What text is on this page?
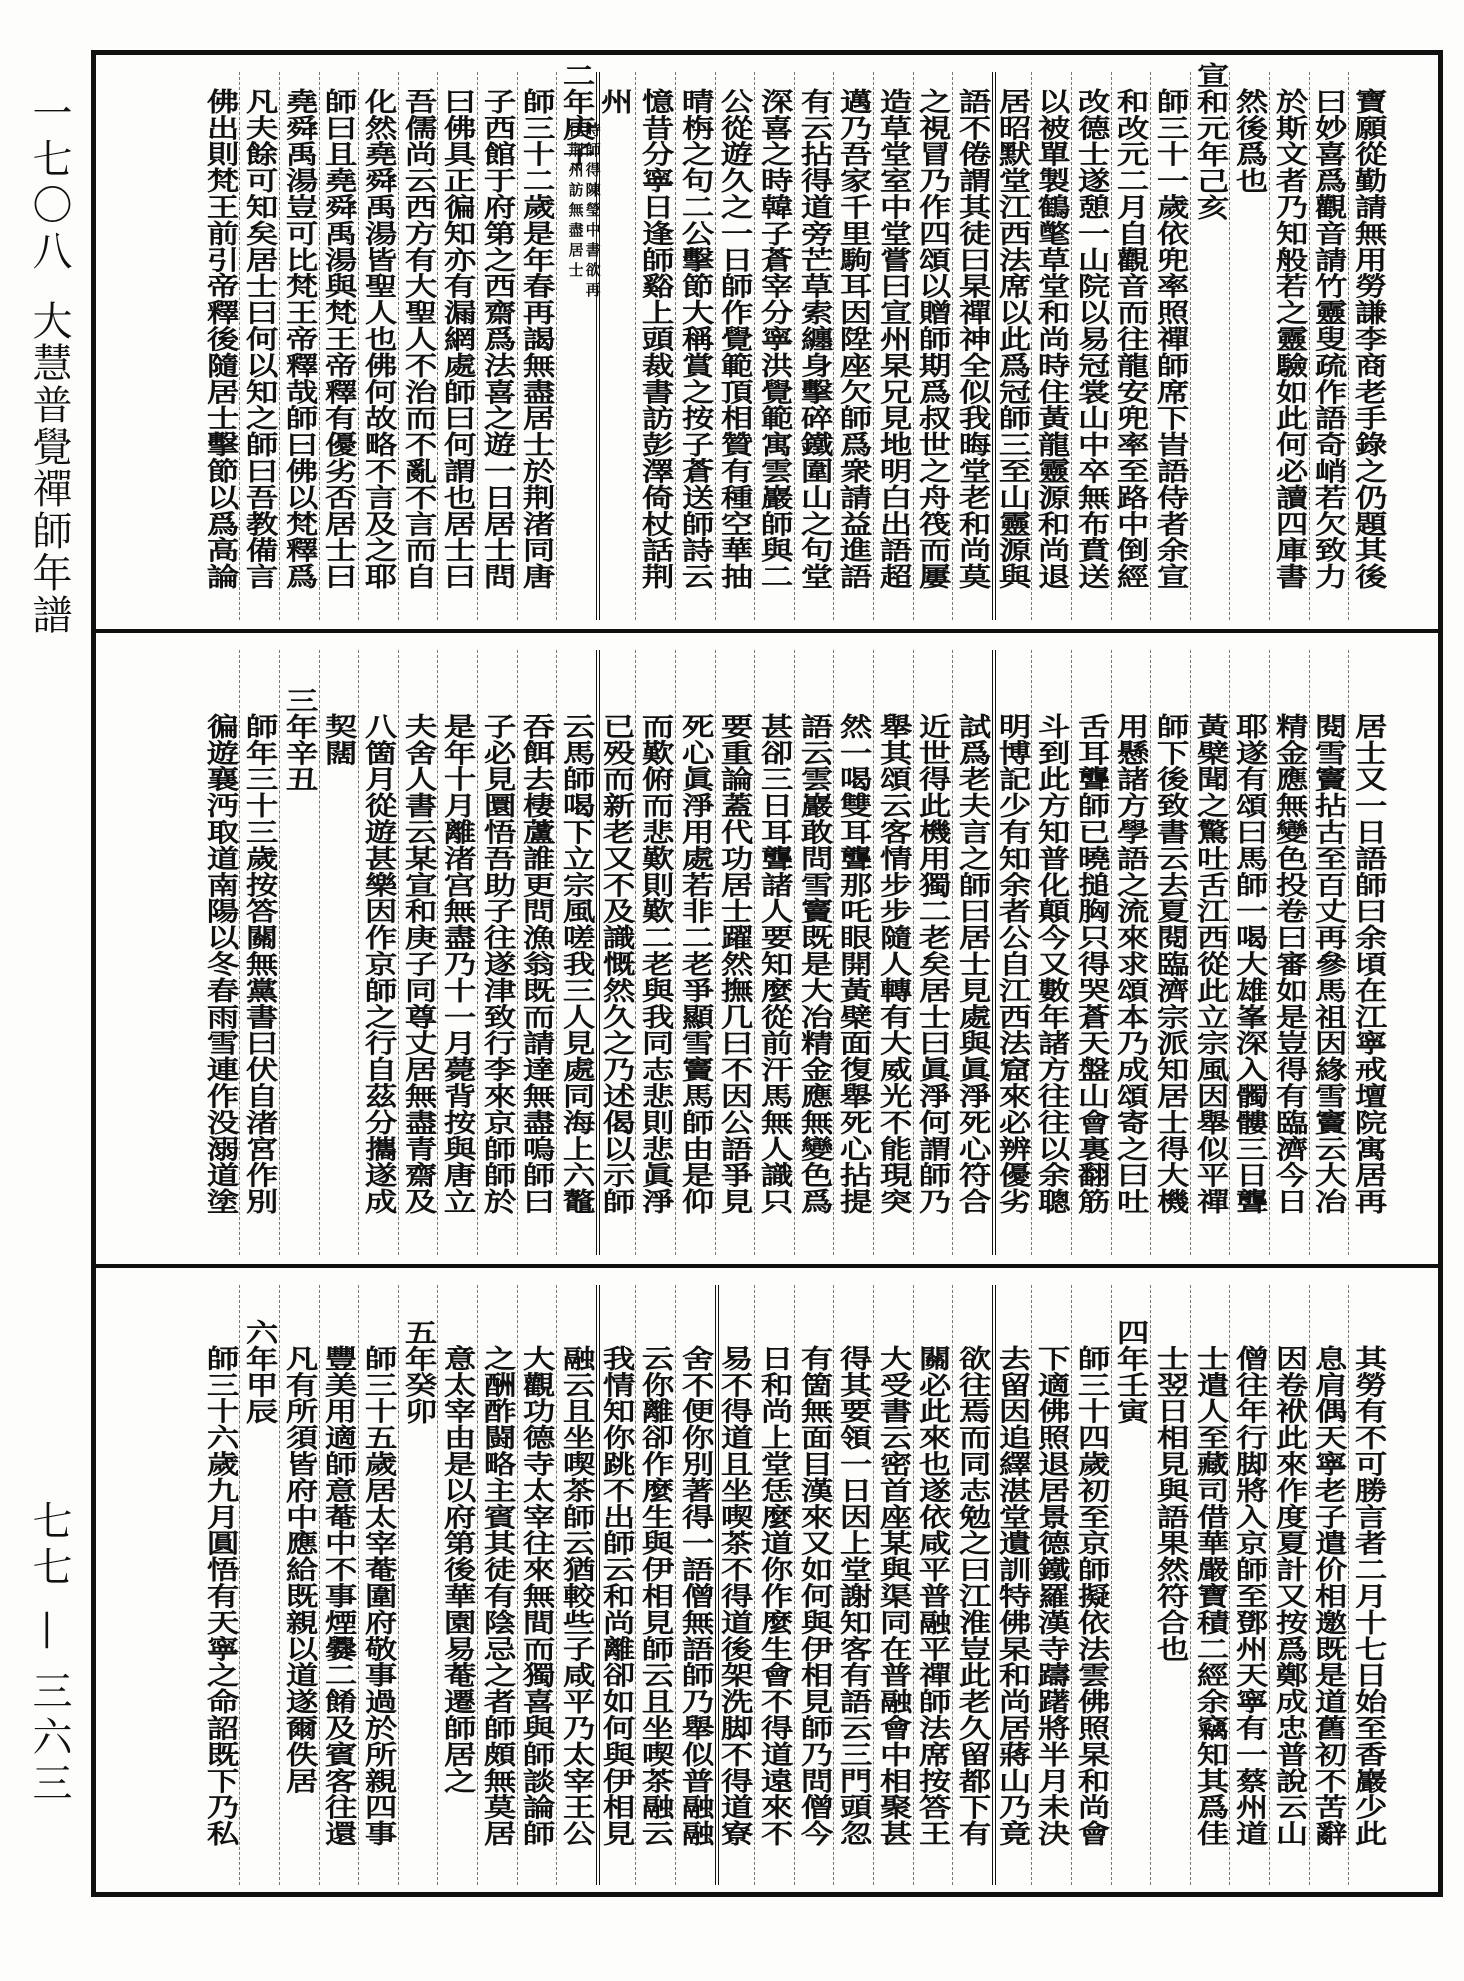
一七〇八
大慧普覺禪師年譜
七七
—
三六三
寶願從勤請無用勞謙李商老手錄之仍題其後
曰妙喜爲觀音請竹靈叟疏作語奇峭若欠致力
於斯文者乃知般若之靈驗如此何必讀四庫書
然後爲也
宣和元年己亥
師三十一歲依兜率照禪師席下旹語侍者余宣
和改元二月自觀音而往龍安兜率至路中倒經
改德士遂憩一山院以易冠裳山中卒無布賁送
以被單製鶴氅草堂和尚時住黃龍靈源和尚退
居昭默堂江西法席以此爲冠師三至山靈源與
語不倦謂其徒曰杲禪神全似我晦堂老和尚莫
之視冒乃作四頌以贈師期爲叔世之舟筏而屢
造草堂室中堂嘗曰宣州杲兄見地明白出語超
邁乃吾家千里駒耳因陞座欠師爲衆請益進語
有云拈得道旁芒草索纏身擊碎鐵圍山之句堂
深喜之時韓子蒼宰分寧洪覺範寓雲巖師與二
公從遊久之一日師作覺範頂相贊有種空華抽
晴栴之句二公擊節大稱賞之按子蒼送師詩云
憶昔分寧日逢師谿上頭裁書訪彭澤倚杖話荆
州
時師得陳瑩中書欲再
往荆州訪無盡居士
二年庚子
師三十二歲是年春再謁無盡居士於荆渚同唐
子西館于府第之西齋爲法喜之遊一日居士問
曰佛具正徧知亦有漏網處師曰何謂也居士曰
吾儒尚云西方有大聖人不治而不亂不言而自
化然堯舜禹湯皆聖人也佛何故略不言及之耶
師曰且堯舜禹湯與梵王帝釋有優劣否居士曰
堯舜禹湯豈可比梵王帝釋哉師曰佛以梵釋爲
凡夫餘可知矣居士曰何以知之師曰吾教備言
佛出則梵王前引帝釋後隨居士擊節以爲高論
居士又一日語師曰余頃在江寧戒壇院寓居再
閱雪竇拈古至百丈再參馬祖因緣雪竇云大冶
精金應無變色投卷曰審如是豈得有臨濟今日
耶遂有頌曰馬師一喝大雄峯深入髑髏三日聾
黃檗聞之驚吐舌江西從此立宗風因舉似平禪
師下後致書云去夏閱臨濟宗派知居士得大機
用懸諸方學語之流來求頌本乃成頌寄之曰吐
舌耳聾師已曉搥胸只得哭蒼天盤山會裏翻筋
斗到此方知普化顛今又數年諸方往往以余聰
明博記少有知余者公自江西法窟來必辨優劣
試爲老夫言之師曰居士見處與眞淨死心符合
近世得此機用獨二老矣居士曰眞淨何謂師乃
舉其頌云客情步步隨人轉有大威光不能現突
然一喝雙耳聾那吒眼開黃檗面復舉死心拈提
語云雲巖敢問雪竇既是大冶精金應無變色爲
甚卻三日耳聾諸人要知麼從前汗馬無人識只
要重論蓋代功居士躍然撫几曰不因公語爭見
死心眞淨用處若非二老爭顯雪竇馬師由是仰
而歎俯而悲歎則歎二老與我同志悲則悲眞淨
已殁而新老又不及識慨然久之乃述偈以示師
云馬師喝下立宗風嗟我三人見處同海上六鼇
吞餌去棲蘆誰更問漁翁既而請達無盡嗚師曰
子必見圜悟吾助子往遂津致行李來京師師於
是年十月離渚宫無盡乃十一月薨背按與唐立
夫舍人書云某宣和庚子同尊丈居無盡青齋及
八箇月從遊甚樂因作京師之行自茲分攜遂成
契闊
三年辛丑
師年三十三歲按答關無黨書曰伏自渚宮作別
徧遊襄沔取道南陽以冬春雨雪連作没溺道塗
其勞有不可勝言者二月十七日始至香巖少此
息肩偶天寧老子遣价相邀既是道舊初不苦辭
因卷袱此來作度夏計又按爲鄭成忠普說云山
僧往年行脚將入京師至鄧州天寧有一蔡州道
士遣人至藏司借華嚴寶積二經余竊知其爲佳
士翌日相見與語果然符合也
四年壬寅
師三十四歲初至京師擬依法雲佛照杲和尚會
下適佛照退居景德鐵羅漢寺躊躇將半月未決
去留因追繹湛堂遺訓特佛杲和尚居蔣山乃竟
欲往焉而同志勉之曰江淮豈此老久留都下有
關必此來也遂依咸平普融平禪師法席按答王
大受書云密首座某與渠同在普融會中相聚甚
得其要領一日因上堂謝知客有語云三門頭忽
有箇無面目漢來又如何與伊相見師乃問僧今
日和尚上堂恁麼道你作麼生會不得道遠來不
易不得道且坐喫茶不得道後架洗脚不得道寮
舍不便你別著得一語僧無語師乃舉似普融融
云你離卻作麼生與伊相見師云且坐喫茶融云
我情知你跳不出師云和尚離卻如何與伊相見
融云且坐喫茶師云猶較些子咸平乃太宰王公
大觀功德寺太宰往來無間而獨喜與師談論師
之酬酢闘略主賓其徒有陰忌之者師頗無莫居
意太宰由是以府第後華園易菴遷師居之
五年癸卯
師三十五歲居太宰菴圍府敬事過於所親四事
豐美用適師意菴中不事煙爨二餚及賓客往還
凡有所須皆府中應給既親以道遂爾佚居
六年甲辰
師三十六歲九月圓悟有天寧之命詔既下乃私
